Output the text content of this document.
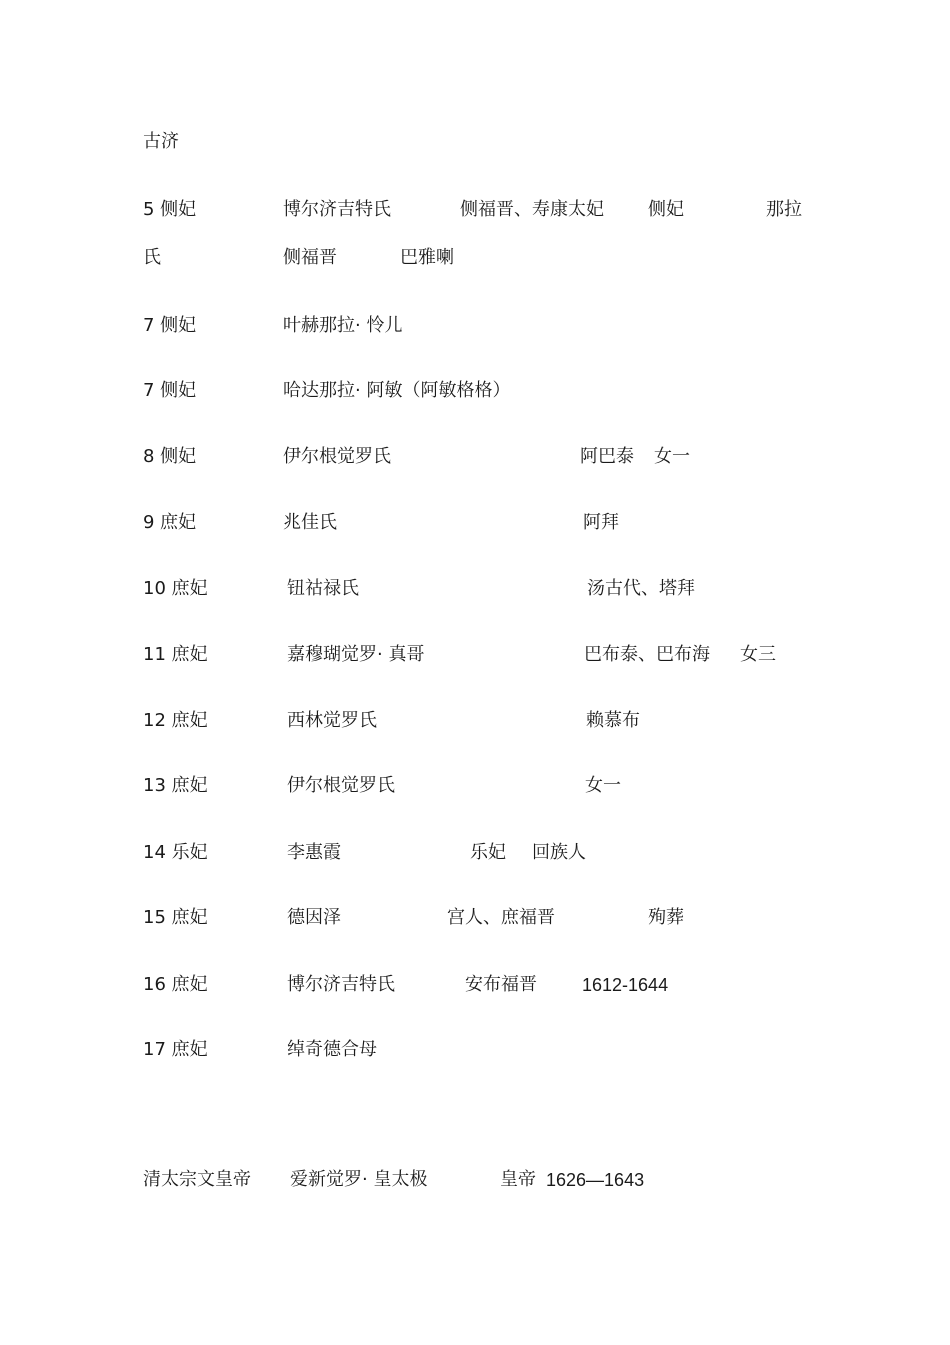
古济
5 侧妃	博尔济吉特氏	侧福晋、寿康太妃 侧妃	那拉
氏	侧福晋	巴雅喇
7 侧妃	叶赫那拉· 怜儿
7 侧妃	哈达那拉· 阿敏（阿敏格格）
8 侧妃	伊尔根觉罗氏	阿巴泰 女一
9 庶妃	兆佳氏	阿拜
10 庶妃	钮祜禄氏	汤古代、塔拜
11 庶妃	嘉穆瑚觉罗· 真哥	巴布泰、巴布海 女三
12 庶妃	西林觉罗氏	赖慕布
13 庶妃	伊尔根觉罗氏	女一
14 乐妃	李惠霞	乐妃 回族人
15 庶妃	德因泽	宫人、庶福晋	殉葬
16 庶妃	博尔济吉特氏	安布福晋	1612-1644
17 庶妃	绰奇德合母
清太宗文皇帝 爱新觉罗· 皇太极	皇帝 1626—1643
